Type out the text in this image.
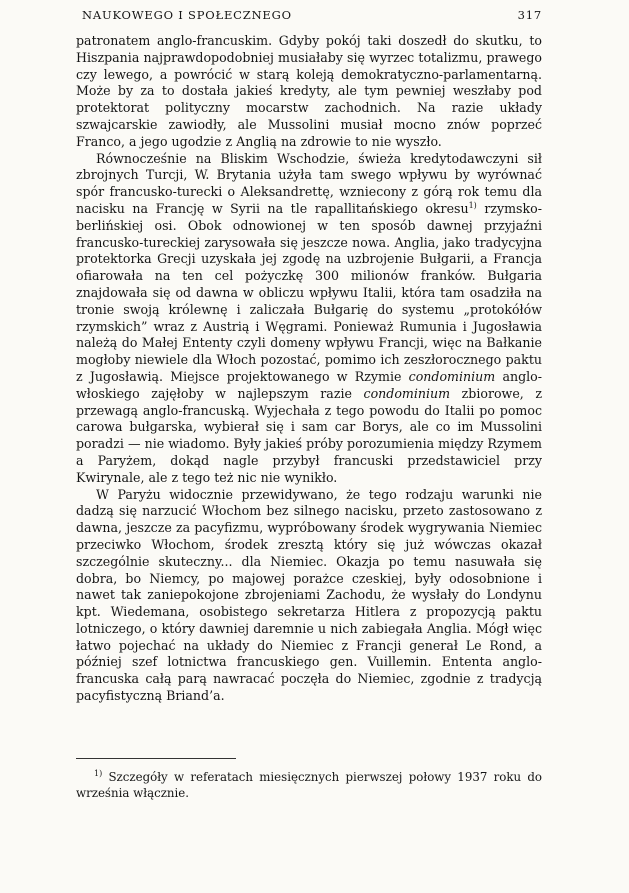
NAUKOWEGO I SPOŁECZNEGO	317

patronatem anglo-francuskim. Gdyby pokój taki doszedł do skutku, to Hiszpania najprawdopodobniej musiałaby się wyrzec totalizmu, prawego czy lewego, a powrócić w starą koleją demokratyczno-parlamentarną. Może by za to dostała jakieś kredyty, ale tym pewniej weszłaby pod protektorat polityczny mocarstw zachodnich. Na razie układy szwajcarskie zawiodły, ale Mussolini musiał mocno znów poprzeć Franco, a jego ugodzie z Anglią na zdrowie to nie wyszło.

Równocześnie na Bliskim Wschodzie, świeża kredytodawczyni sił zbrojnych Turcji, W. Brytania użyła tam swego wpływu by wyrównać spór francusko-turecki o Aleksandrettę, wzniecony z górą rok temu dla nacisku na Francję w Syrii na tle rapallitańskiego okresu$^{1)}$ rzymsko-berlińskiej osi. Obok odnowionej w ten sposób dawnej przyjaźni francusko-tureckiej zarysowała się jeszcze nowa. Anglia, jako tradycyjna protektorka Grecji uzyskała jej zgodę na uzbrojenie Bułgarii, a Francja ofiarowała na ten cel pożyczkę 300 milionów franków. Bułgaria znajdowała się od dawna w obliczu wpływu Italii, która tam osadziła na tronie swoją królewnę i zaliczała Bułgarię do systemu „protokółów rzymskich” wraz z Austrią i Węgrami. Ponieważ Rumunia i Jugosławia należą do Małej Ententy czyli domeny wpływu Francji, więc na Bałkanie mogłoby niewiele dla Włoch pozostać, pomimo ich zeszłorocznego paktu z Jugosławią. Miejsce projektowanego w Rzymie condominium anglo-włoskiego zajęłoby w najlepszym razie condominium zbiorowe, z przewagą anglo-francuską. Wyjechała z tego powodu do Italii po pomoc carowa bułgarska, wybierał się i sam car Borys, ale co im Mussolini poradzi — nie wiadomo. Były jakieś próby porozumienia między Rzymem a Paryżem, dokąd nagle przybył francuski przedstawiciel przy Kwirynale, ale z tego też nic nie wynikło.

W Paryżu widocznie przewidywano, że tego rodzaju warunki nie dadzą się narzucić Włochom bez silnego nacisku, przeto zastosowano z dawna, jeszcze za pacyfizmu, wypróbowany środek wygrywania Niemiec przeciwko Włochom, środek zresztą który się już wówczas okazał szczególnie skuteczny... dla Niemiec. Okazja po temu nasuwała się dobra, bo Niemcy, po majowej porażce czeskiej, były odosobnione i nawet tak zaniepokojone zbrojeniami Zachodu, że wysłały do Londynu kpt. Wiedemana, osobistego sekretarza Hitlera z propozycją paktu lotniczego, o który dawniej daremnie u nich zabiegała Anglia. Mógł więc łatwo pojechać na układy do Niemiec z Francji generał Le Rond, a później szef lotnictwa francuskiego gen. Vuillemin. Ententa anglo-francuska całą parą nawracać poczęła do Niemiec, zgodnie z tradycją pacyfistyczną Briand’a.

$^{1)}$ Szczegóły w referatach miesięcznych pierwszej połowy 1937 roku do września włącznie.
